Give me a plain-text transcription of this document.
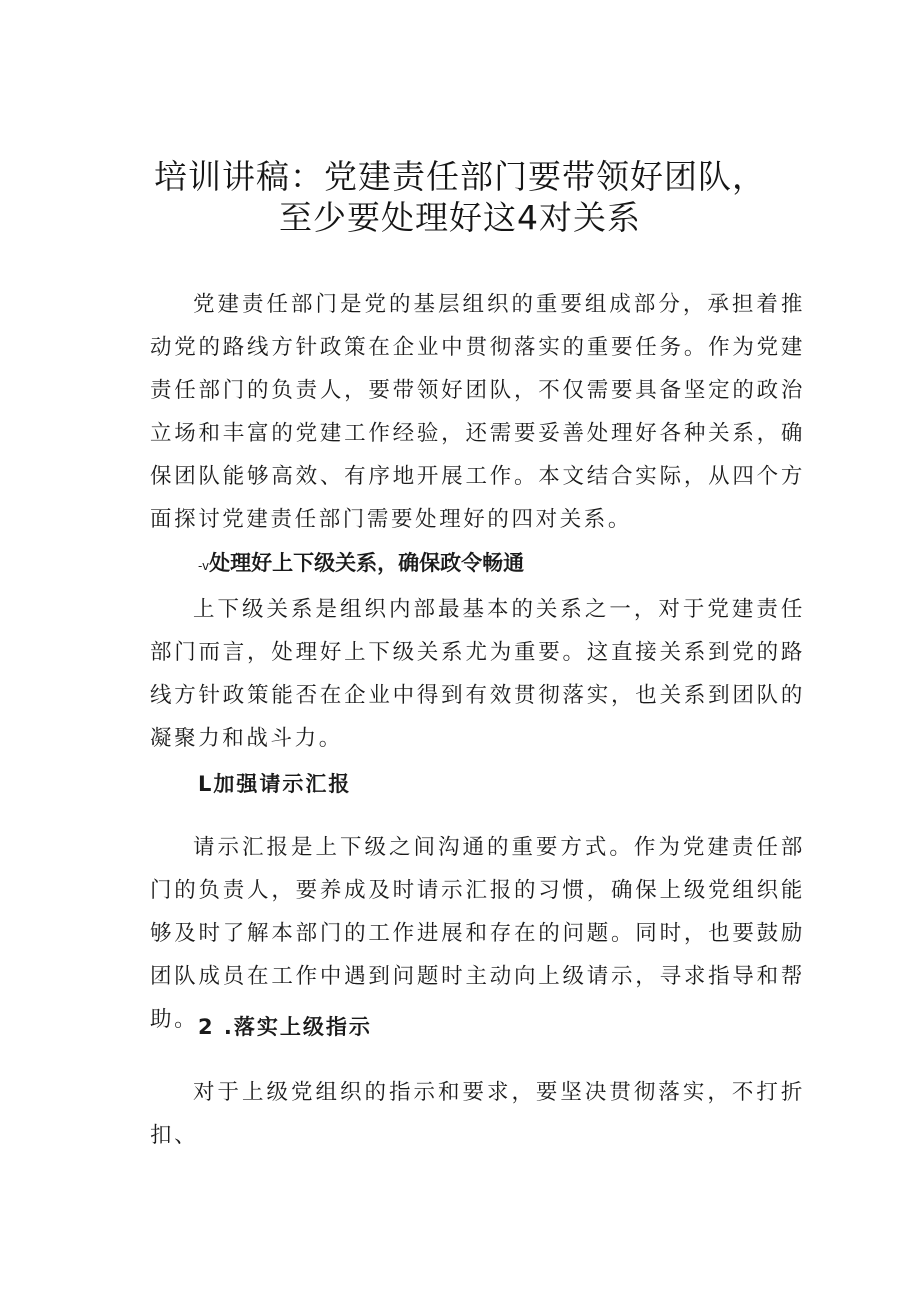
培训讲稿：党建责任部门要带领好团队，
至少要处理好这4对关系

党建责任部门是党的基层组织的重要组成部分，承担着推动党的路线方针政策在企业中贯彻落实的重要任务。作为党建责任部门的负责人，要带领好团队，不仅需要具备坚定的政治立场和丰富的党建工作经验，还需要妥善处理好各种关系，确保团队能够高效、有序地开展工作。本文结合实际，从四个方面探讨党建责任部门需要处理好的四对关系。

-v处理好上下级关系，确保政令畅通

上下级关系是组织内部最基本的关系之一，对于党建责任部门而言，处理好上下级关系尤为重要。这直接关系到党的路线方针政策能否在企业中得到有效贯彻落实，也关系到团队的凝聚力和战斗力。

L加强请示汇报

请示汇报是上下级之间沟通的重要方式。作为党建责任部门的负责人，要养成及时请示汇报的习惯，确保上级党组织能够及时了解本部门的工作进展和存在的问题。同时，也要鼓励团队成员在工作中遇到问题时主动向上级请示，寻求指导和帮助。 2 .落实上级指示

对于上级党组织的指示和要求，要坚决贯彻落实，不打折扣、
